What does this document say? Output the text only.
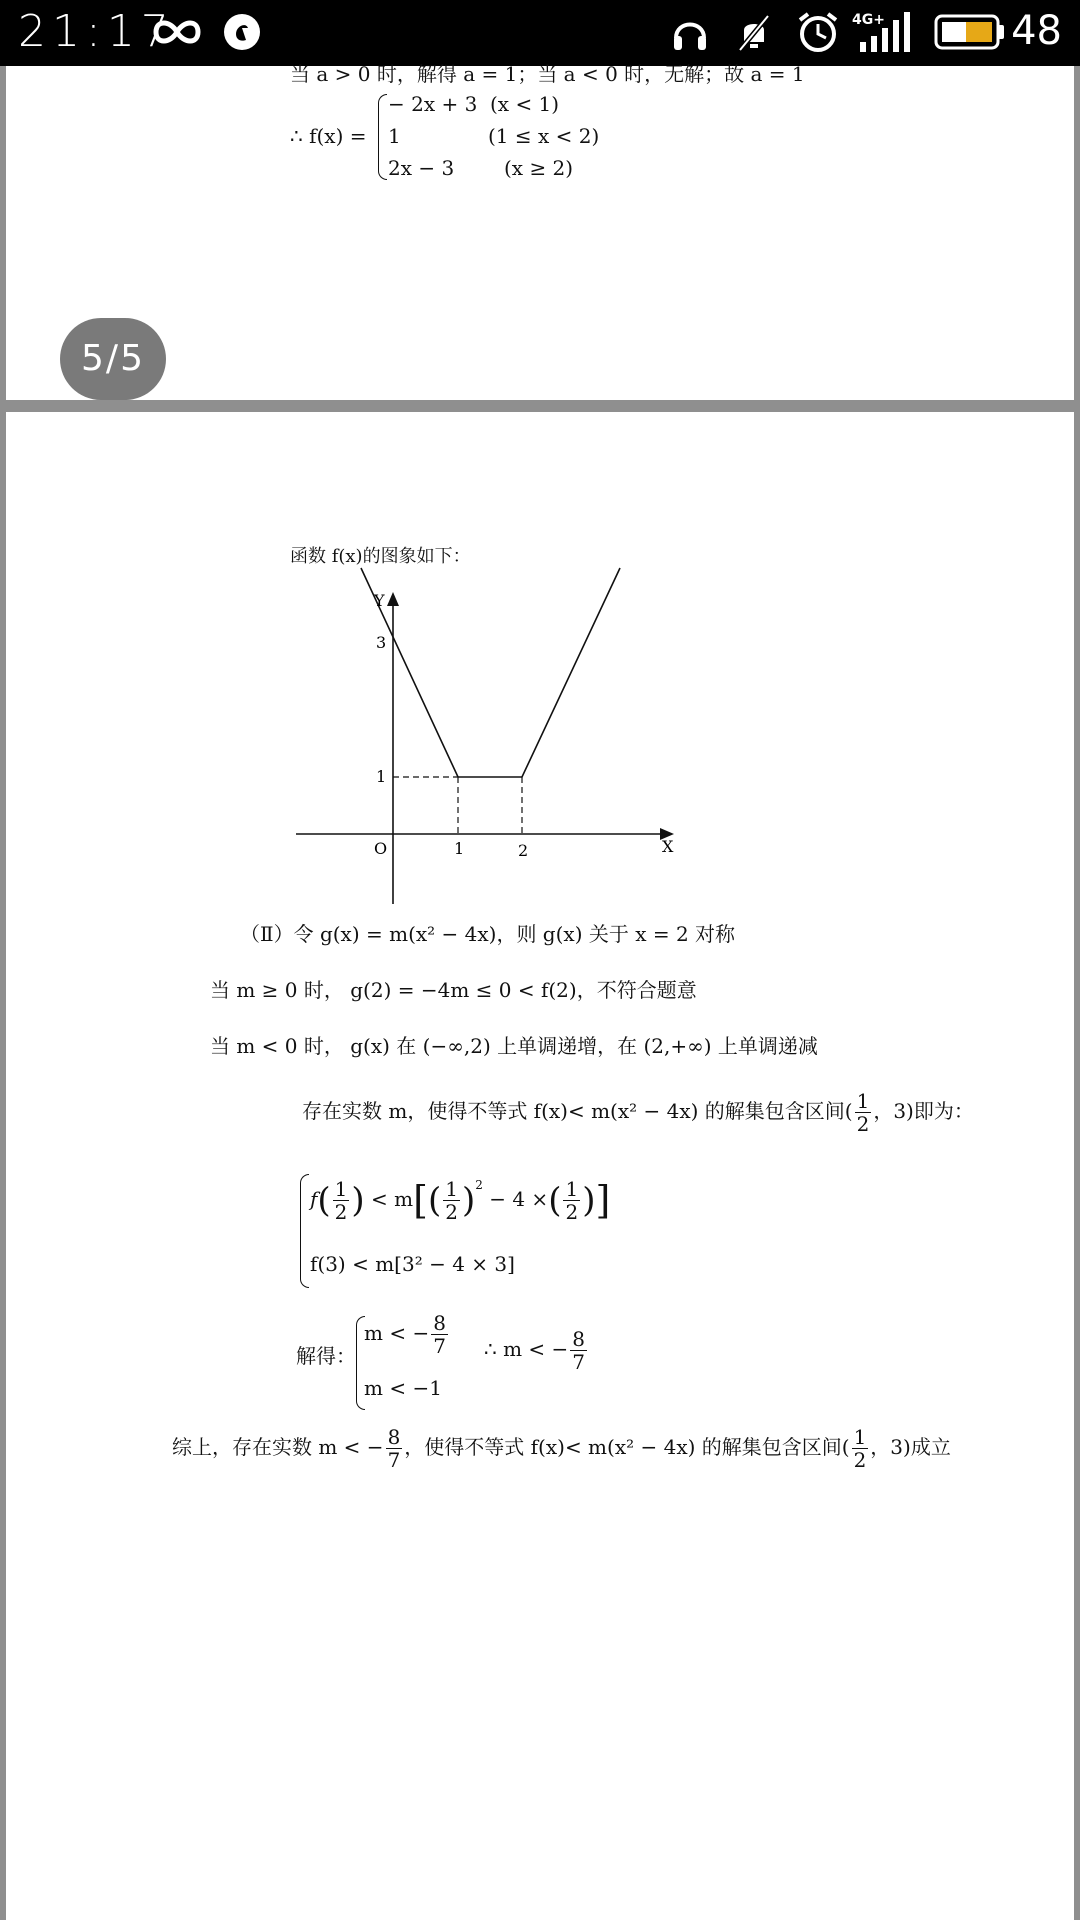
21:17	4G+	48
当 a > 0 时，解得 a = 1；当 a < 0 时，无解；故 a = 1
∴ f(x) =
− 2x + 3 (x < 1)
1	(1 ≤ x < 2)
2x − 3 (x ≥ 2)
5/5
函数 f(x)的图象如下：
Y
X
O
3
1
1	2
（Ⅱ）令 g(x) = m(x² − 4x)，则 g(x) 关于 x = 2 对称
当 m ≥ 0 时， g(2) = −4m ≤ 0 < f(2)，不符合题意
当 m < 0 时， g(x) 在 (−∞,2) 上单调递增，在 (2,+∞) 上单调递减
存在实数 m，使得不等式 f(x)< m(x² − 4x) 的解集包含区间( $\frac{1}{2}$ ，3)即为：
$f( \frac{1}{2}$ ) < $m[( \frac{1}{2} )^2 - 4$ ×( $\frac{1}{2}$ )]
f(3) < m[3² − 4 × 3]
解得：
m < − $\frac{8}{7}$
m < −1
∴ m < − $\frac{8}{7}$
综上，存在实数 m < − $\frac{8}{7}$ ，使得不等式 f(x)< m(x² − 4x) 的解集包含区间( $\frac{1}{2}$ ，3)成立
